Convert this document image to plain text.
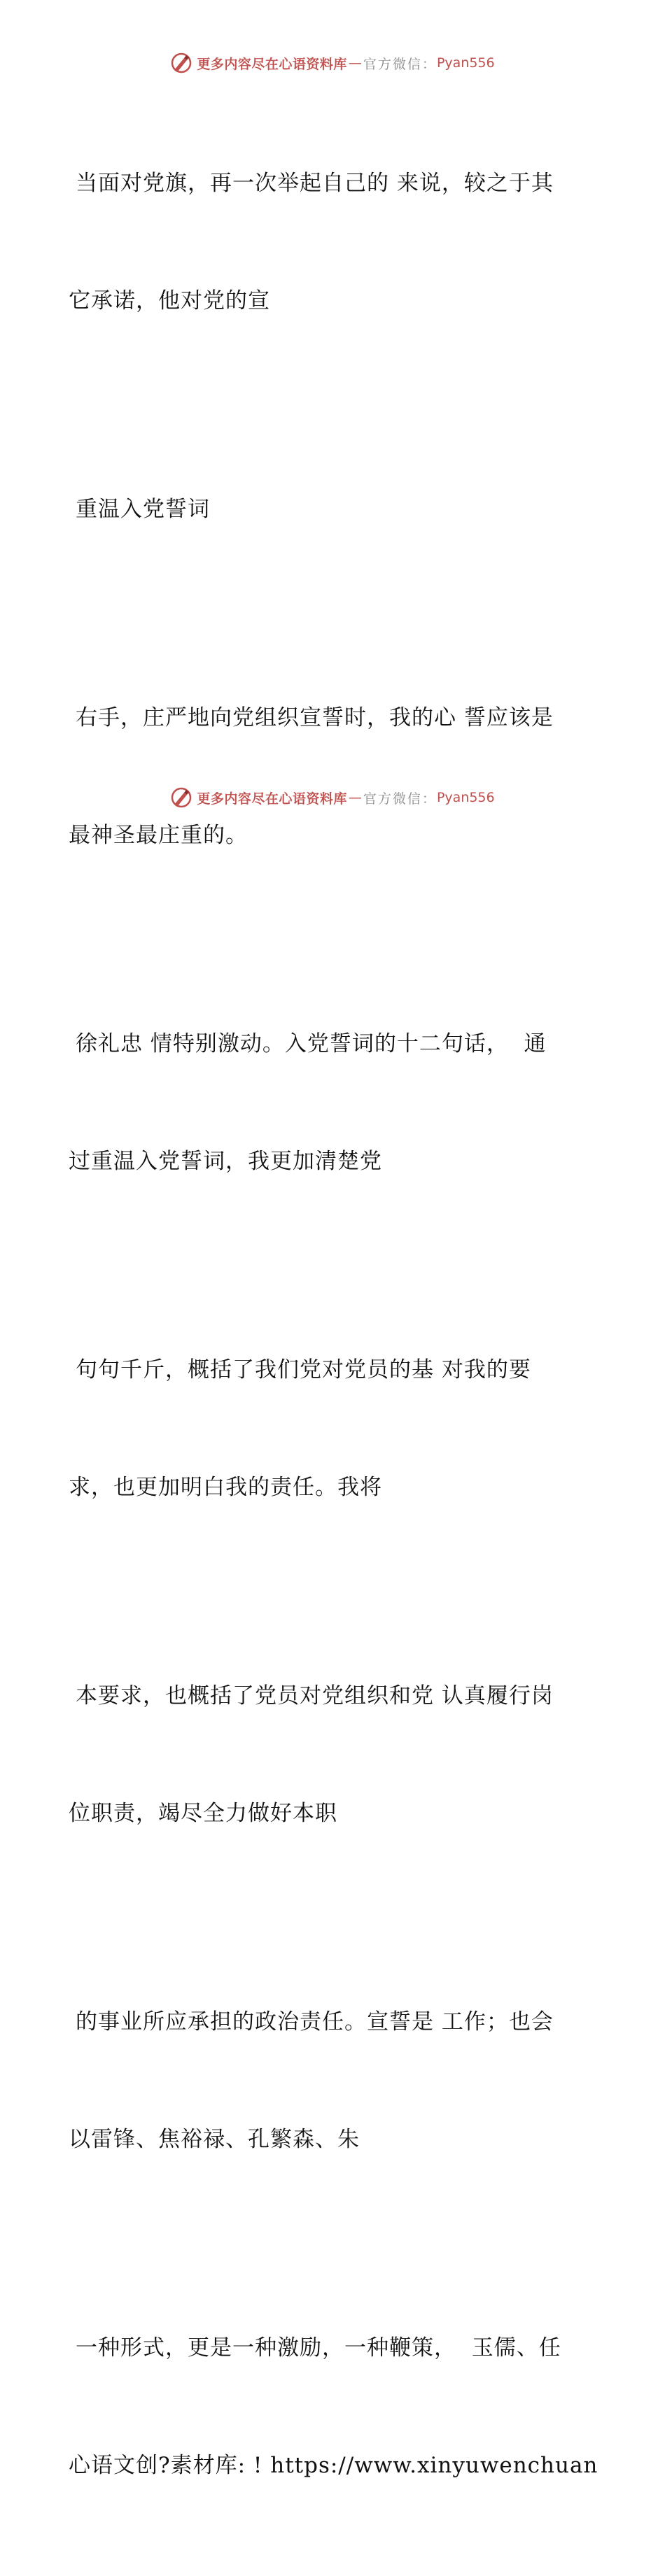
更多内容尽在心语资料库 — 官方微信： Pyan556

当面对党旗，再一次举起自己的 来说，较之于其

它承诺，他对党的宣

重温入党誓词

右手，庄严地向党组织宣誓时，我的心 誓应该是

最神圣最庄重的。

徐礼忠 情特别激动。入党誓词的十二句话，  通

过重温入党誓词，我更加清楚党

句句千斤，概括了我们党对党员的基 对我的要

求，也更加明白我的责任。我将

本要求，也概括了党员对党组织和党 认真履行岗

位职责，竭尽全力做好本职

的事业所应承担的政治责任。宣誓是 工作；也会

以雷锋、焦裕禄、孔繁森、朱

一种形式，更是一种激励，一种鞭策，  玉儒、任

心语文创?素材库: ! https://www.xinyuwenchuan

更多内容尽在心语资料库 — 官方微信： Pyan556
